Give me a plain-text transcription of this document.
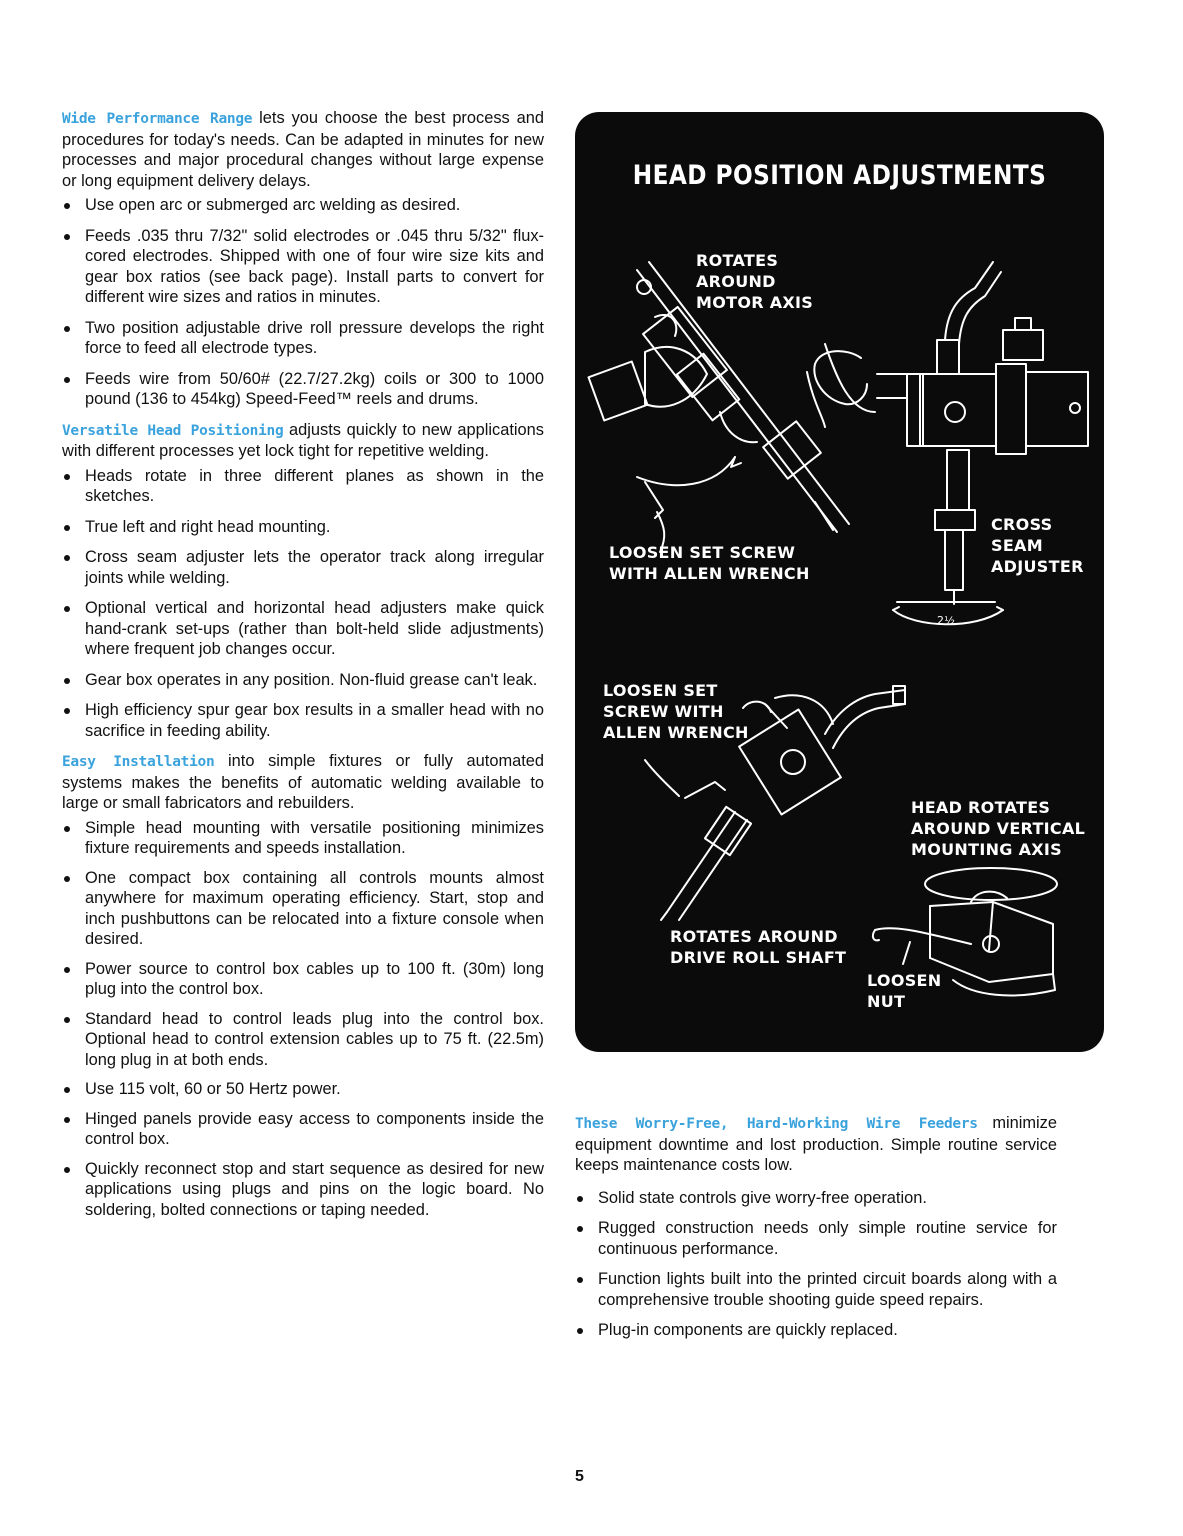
Wide Performance Range lets you choose the best process and procedures for today's needs. Can be adapted in minutes for new processes and major procedural changes without large expense or long equipment delivery delays.

Use open arc or submerged arc welding as desired.
Feeds .035 thru 7/32" solid electrodes or .045 thru 5/32" flux-cored electrodes. Shipped with one of four wire size kits and gear box ratios (see back page). Install parts to convert for different wire sizes and ratios in minutes.
Two position adjustable drive roll pressure develops the right force to feed all electrode types.
Feeds wire from 50/60# (22.7/27.2kg) coils or 300 to 1000 pound (136 to 454kg) Speed-Feed™ reels and drums.

Versatile Head Positioning adjusts quickly to new applications with different processes yet lock tight for repetitive welding.

Heads rotate in three different planes as shown in the sketches.
True left and right head mounting.
Cross seam adjuster lets the operator track along irregular joints while welding.
Optional vertical and horizontal head adjusters make quick hand-crank set-ups (rather than bolt-held slide adjustments) where frequent job changes occur.
Gear box operates in any position. Non-fluid grease can't leak.
High efficiency spur gear box results in a smaller head with no sacrifice in feeding ability.

Easy Installation into simple fixtures or fully automated systems makes the benefits of automatic welding available to large or small fabricators and rebuilders.

Simple head mounting with versatile positioning minimizes fixture requirements and speeds installation.
One compact box containing all controls mounts almost anywhere for maximum operating efficiency. Start, stop and inch pushbuttons can be relocated into a fixture console when desired.
Power source to control box cables up to 100 ft. (30m) long plug into the control box.
Standard head to control leads plug into the control box. Optional head to control extension cables up to 75 ft. (22.5m) long plug in at both ends.
Use 115 volt, 60 or 50 Hertz power.
Hinged panels provide easy access to components inside the control box.
Quickly reconnect stop and start sequence as desired for new applications using plugs and pins on the logic board. No soldering, bolted connections or taping needed.
HEAD POSITION ADJUSTMENTS
ROTATES
AROUND
MOTOR AXIS
LOOSEN SET SCREW
WITH ALLEN WRENCH
CROSS
SEAM
ADJUSTER
2½
LOOSEN SET
SCREW WITH
ALLEN WRENCH
HEAD ROTATES
AROUND VERTICAL
MOUNTING AXIS
ROTATES AROUND
DRIVE ROLL SHAFT
LOOSEN
NUT

These Worry-Free, Hard-Working Wire Feeders minimize equipment downtime and lost production. Simple routine service keeps maintenance costs low.

Solid state controls give worry-free operation.
Rugged construction needs only simple routine service for continuous performance.
Function lights built into the printed circuit boards along with a comprehensive trouble shooting guide speed repairs.
Plug-in components are quickly replaced.
5
